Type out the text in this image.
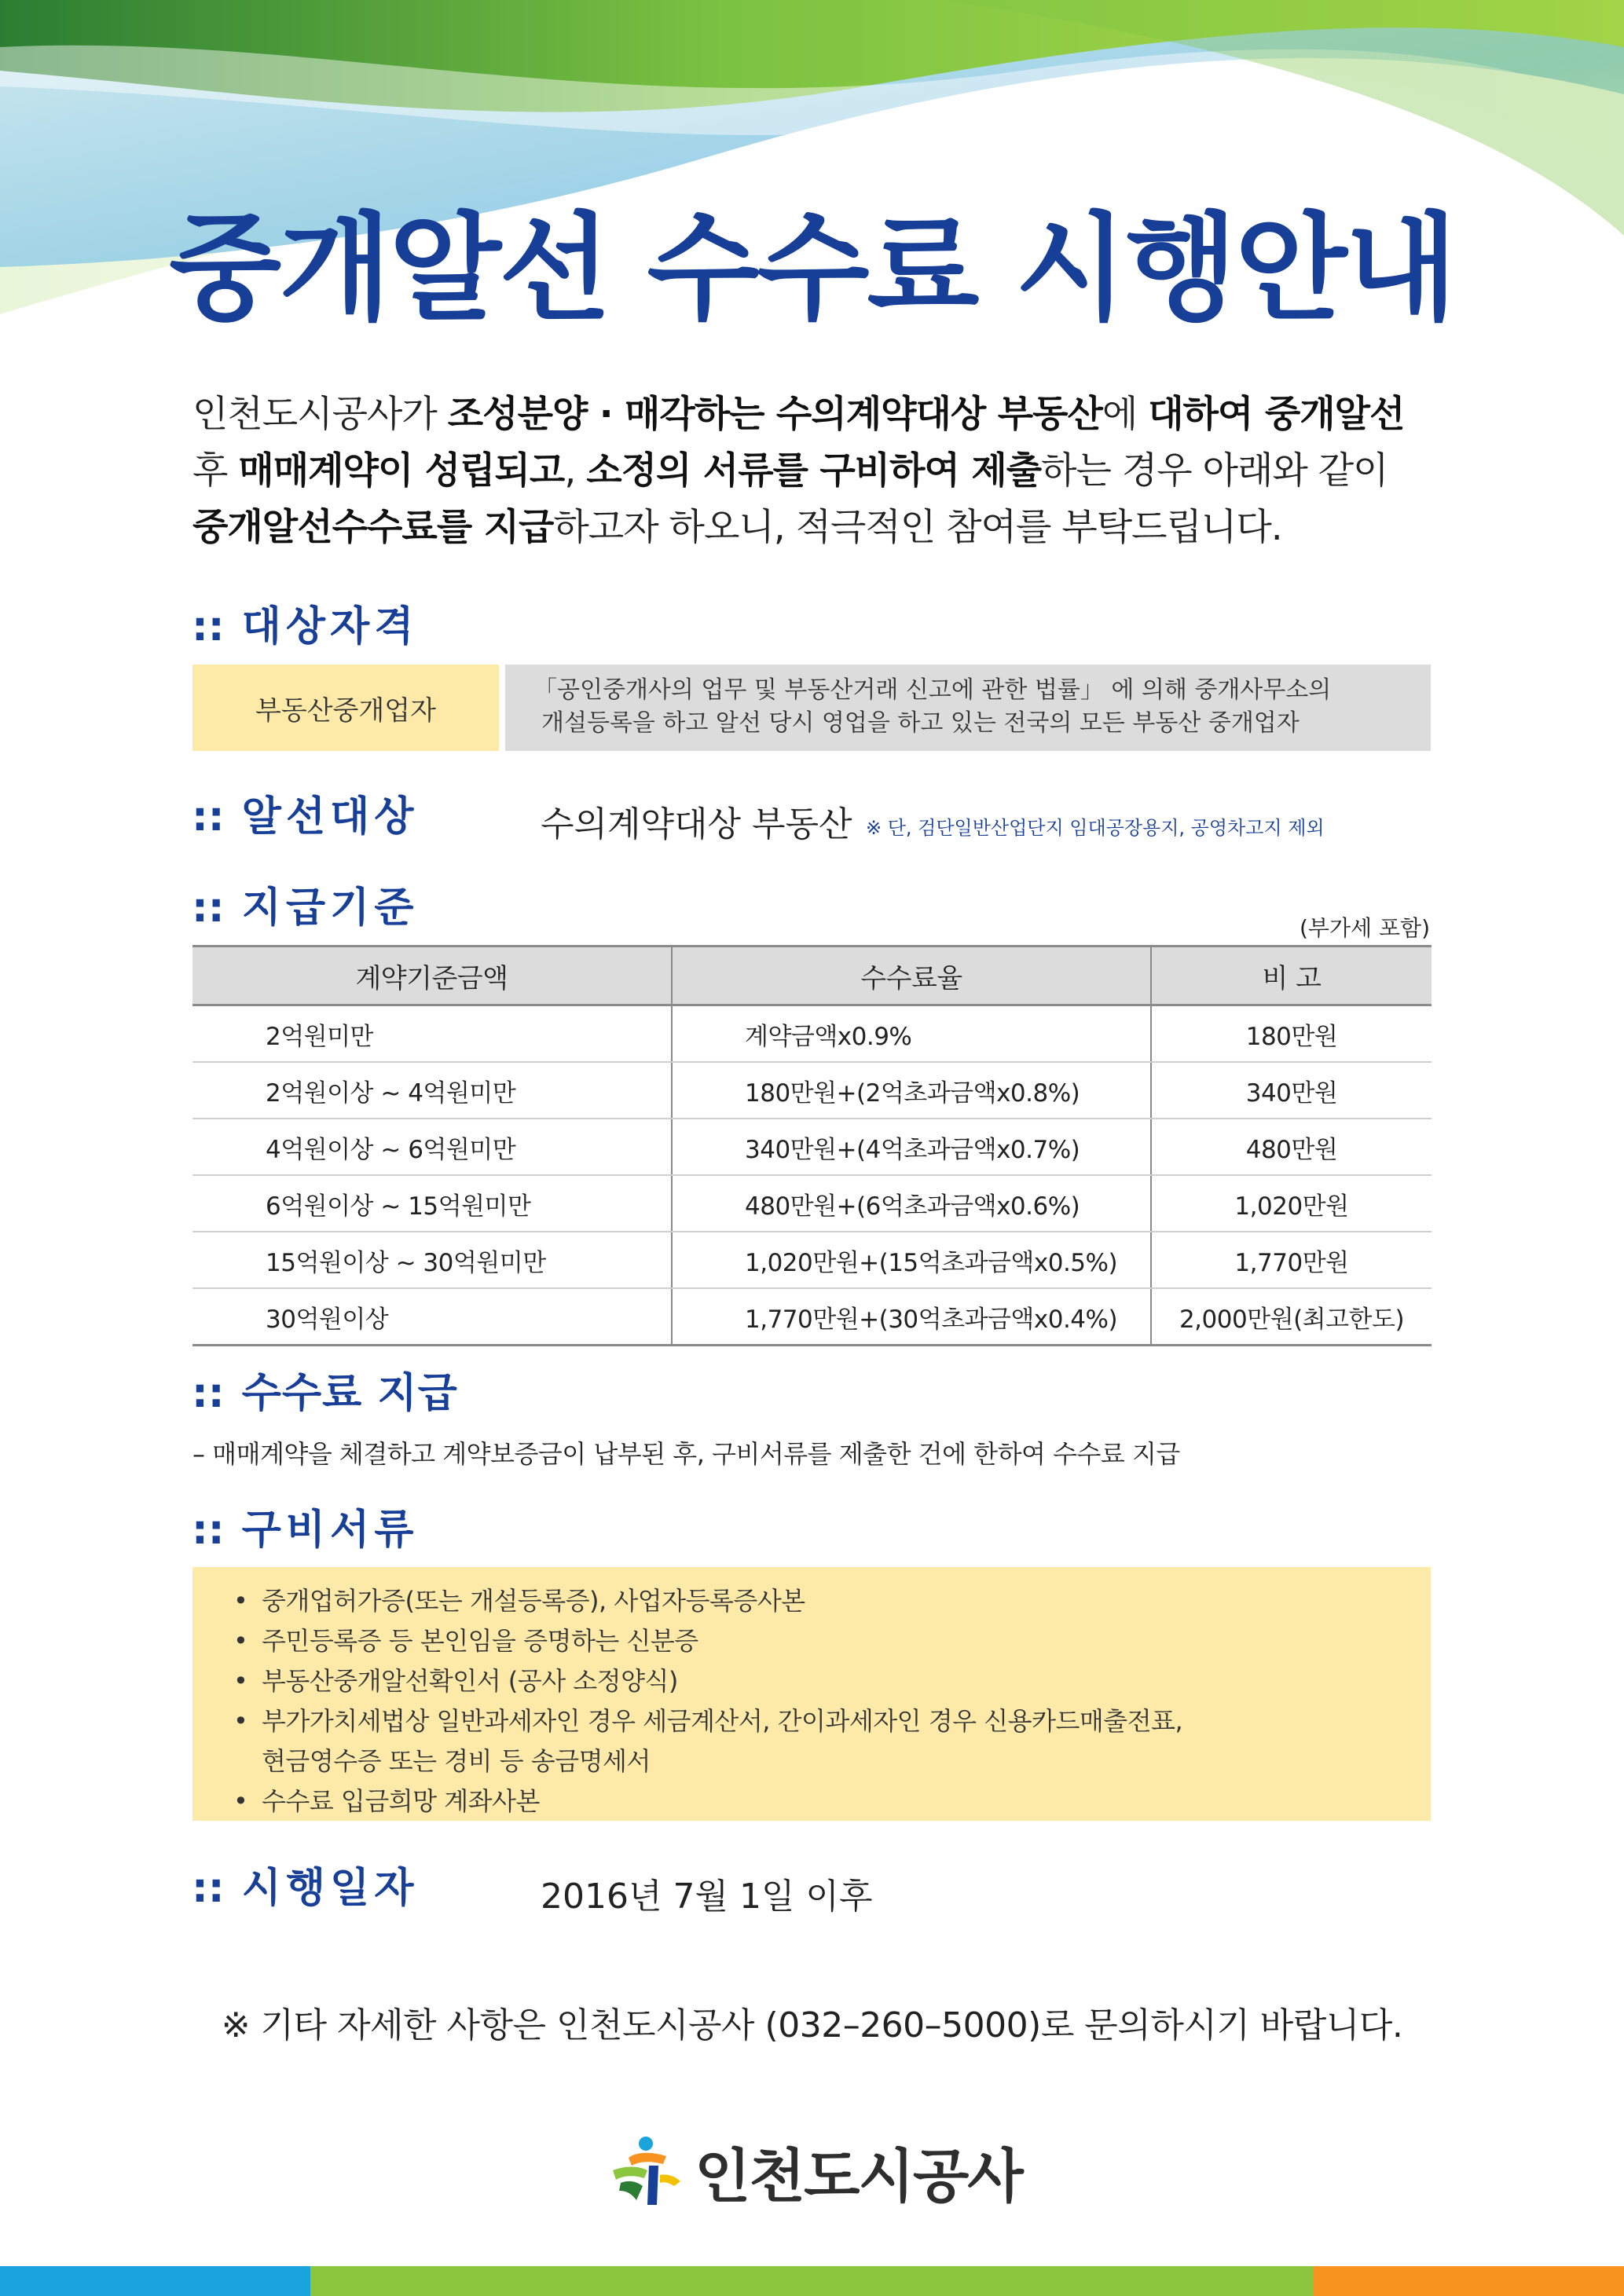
중개알선 수수료 시행안내
인천도시공사가 조성분양 · 매각하는 수의계약대상 부동산에 대하여 중개알선
후 매매계약이 성립되고, 소정의 서류를 구비하여 제출하는 경우 아래와 같이
중개알선수수료를 지급하고자 하오니, 적극적인 참여를 부탁드립니다.
:: 대상자격
부동산중개업자
「공인중개사의 업무 및 부동산거래 신고에 관한 법률」 에 의해 중개사무소의
개설등록을 하고 알선 당시 영업을 하고 있는 전국의 모든 부동산 중개업자
:: 알선대상	수의계약대상 부동산 ※ 단, 검단일반산업단지 임대공장용지, 공영차고지 제외
:: 지급기준	(부가세 포함)
계약기준금액	수수료율	비 고
2억원미만	계약금액x0.9%	180만원
2억원이상 ~ 4억원미만	180만원+(2억초과금액x0.8%)	340만원
4억원이상 ~ 6억원미만	340만원+(4억초과금액x0.7%)	480만원
6억원이상 ~ 15억원미만	480만원+(6억초과금액x0.6%)	1,020만원
15억원이상 ~ 30억원미만	1,020만원+(15억초과금액x0.5%)	1,770만원
30억원이상	1,770만원+(30억초과금액x0.4%)	2,000만원(최고한도)
:: 수수료 지급
– 매매계약을 체결하고 계약보증금이 납부된 후, 구비서류를 제출한 건에 한하여 수수료 지급
:: 구비서류
• 중개업허가증(또는 개설등록증), 사업자등록증사본
• 주민등록증 등 본인임을 증명하는 신분증
• 부동산중개알선확인서 (공사 소정양식)
• 부가가치세법상 일반과세자인 경우 세금계산서, 간이과세자인 경우 신용카드매출전표,
현금영수증 또는 경비 등 송금명세서
• 수수료 입금희망 계좌사본
:: 시행일자	2016년 7월 1일 이후
※ 기타 자세한 사항은 인천도시공사 (032–260–5000)로 문의하시기 바랍니다.
인천도시공사
